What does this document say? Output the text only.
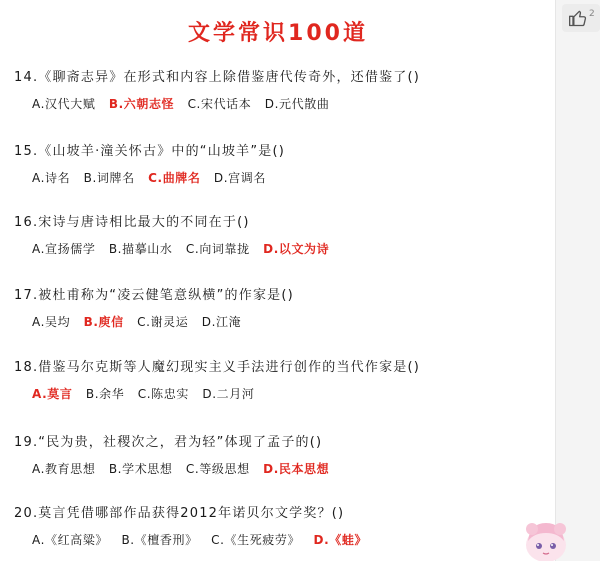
文学常识100道
14.《聊斋志异》在形式和内容上除借鉴唐代传奇外，还借鉴了()
A.汉代大赋 B.六朝志怪 C.宋代话本 D.元代散曲
15.《山坡羊·潼关怀古》中的“山坡羊”是()
A.诗名 B.词牌名 C.曲牌名 D.宫调名
16.宋诗与唐诗相比最大的不同在于()
A.宣扬儒学 B.描摹山水 C.向词靠拢 D.以文为诗
17.被杜甫称为“凌云健笔意纵横”的作家是()
A.吴均 B.庾信 C.谢灵运 D.江淹
18.借鉴马尔克斯等人魔幻现实主义手法进行创作的当代作家是()
A.莫言 B.余华 C.陈忠实 D.二月河
19.“民为贵，社稷次之，君为轻”体现了孟子的()
A.教育思想 B.学术思想 C.等级思想 D.民本思想
20.莫言凭借哪部作品获得2012年诺贝尔文学奖？()
A.《红高粱》 B.《檀香刑》 C.《生死疲劳》 D.《蛙》
2
